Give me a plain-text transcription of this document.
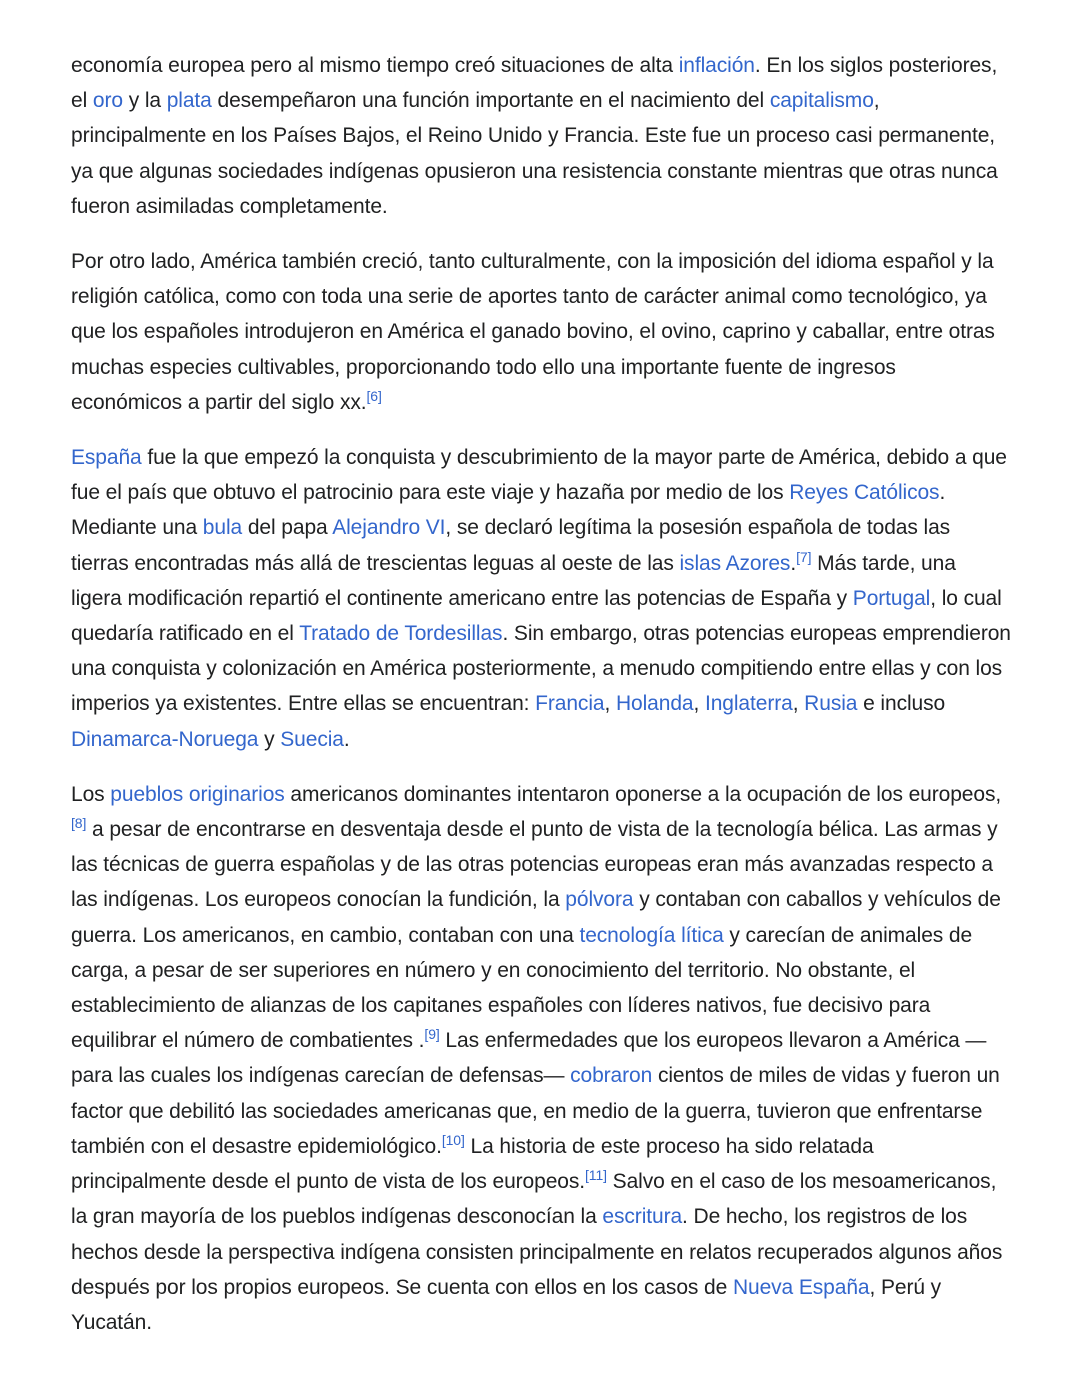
economía europea pero al mismo tiempo creó situaciones de alta inflación. En los siglos posteriores, el oro y la plata desempeñaron una función importante en el nacimiento del capitalismo, principalmente en los Países Bajos, el Reino Unido y Francia. Este fue un proceso casi permanente, ya que algunas sociedades indígenas opusieron una resistencia constante mientras que otras nunca fueron asimiladas completamente.

Por otro lado, América también creció, tanto culturalmente, con la imposición del idioma español y la religión católica, como con toda una serie de aportes tanto de carácter animal como tecnológico, ya que los españoles introdujeron en América el ganado bovino, el ovino, caprino y caballar, entre otras muchas especies cultivables, proporcionando todo ello una importante fuente de ingresos económicos a partir del siglo xx.[6]

España fue la que empezó la conquista y descubrimiento de la mayor parte de América, debido a que fue el país que obtuvo el patrocinio para este viaje y hazaña por medio de los Reyes Católicos. Mediante una bula del papa Alejandro VI, se declaró legítima la posesión española de todas las tierras encontradas más allá de trescientas leguas al oeste de las islas Azores.[7] Más tarde, una ligera modificación repartió el continente americano entre las potencias de España y Portugal, lo cual quedaría ratificado en el Tratado de Tordesillas. Sin embargo, otras potencias europeas emprendieron una conquista y colonización en América posteriormente, a menudo compitiendo entre ellas y con los imperios ya existentes. Entre ellas se encuentran: Francia, Holanda, Inglaterra, Rusia e incluso Dinamarca-Noruega y Suecia.

Los pueblos originarios americanos dominantes intentaron oponerse a la ocupación de los europeos,[8] a pesar de encontrarse en desventaja desde el punto de vista de la tecnología bélica. Las armas y las técnicas de guerra españolas y de las otras potencias europeas eran más avanzadas respecto a las indígenas. Los europeos conocían la fundición, la pólvora y contaban con caballos y vehículos de guerra. Los americanos, en cambio, contaban con una tecnología lítica y carecían de animales de carga, a pesar de ser superiores en número y en conocimiento del territorio. No obstante, el establecimiento de alianzas de los capitanes españoles con líderes nativos, fue decisivo para equilibrar el número de combatientes .[9] Las enfermedades que los europeos llevaron a América —para las cuales los indígenas carecían de defensas— cobraron cientos de miles de vidas y fueron un factor que debilitó las sociedades americanas que, en medio de la guerra, tuvieron que enfrentarse también con el desastre epidemiológico.[10] La historia de este proceso ha sido relatada principalmente desde el punto de vista de los europeos.[11] Salvo en el caso de los mesoamericanos, la gran mayoría de los pueblos indígenas desconocían la escritura. De hecho, los registros de los hechos desde la perspectiva indígena consisten principalmente en relatos recuperados algunos años después por los propios europeos. Se cuenta con ellos en los casos de Nueva España, Perú y Yucatán.
